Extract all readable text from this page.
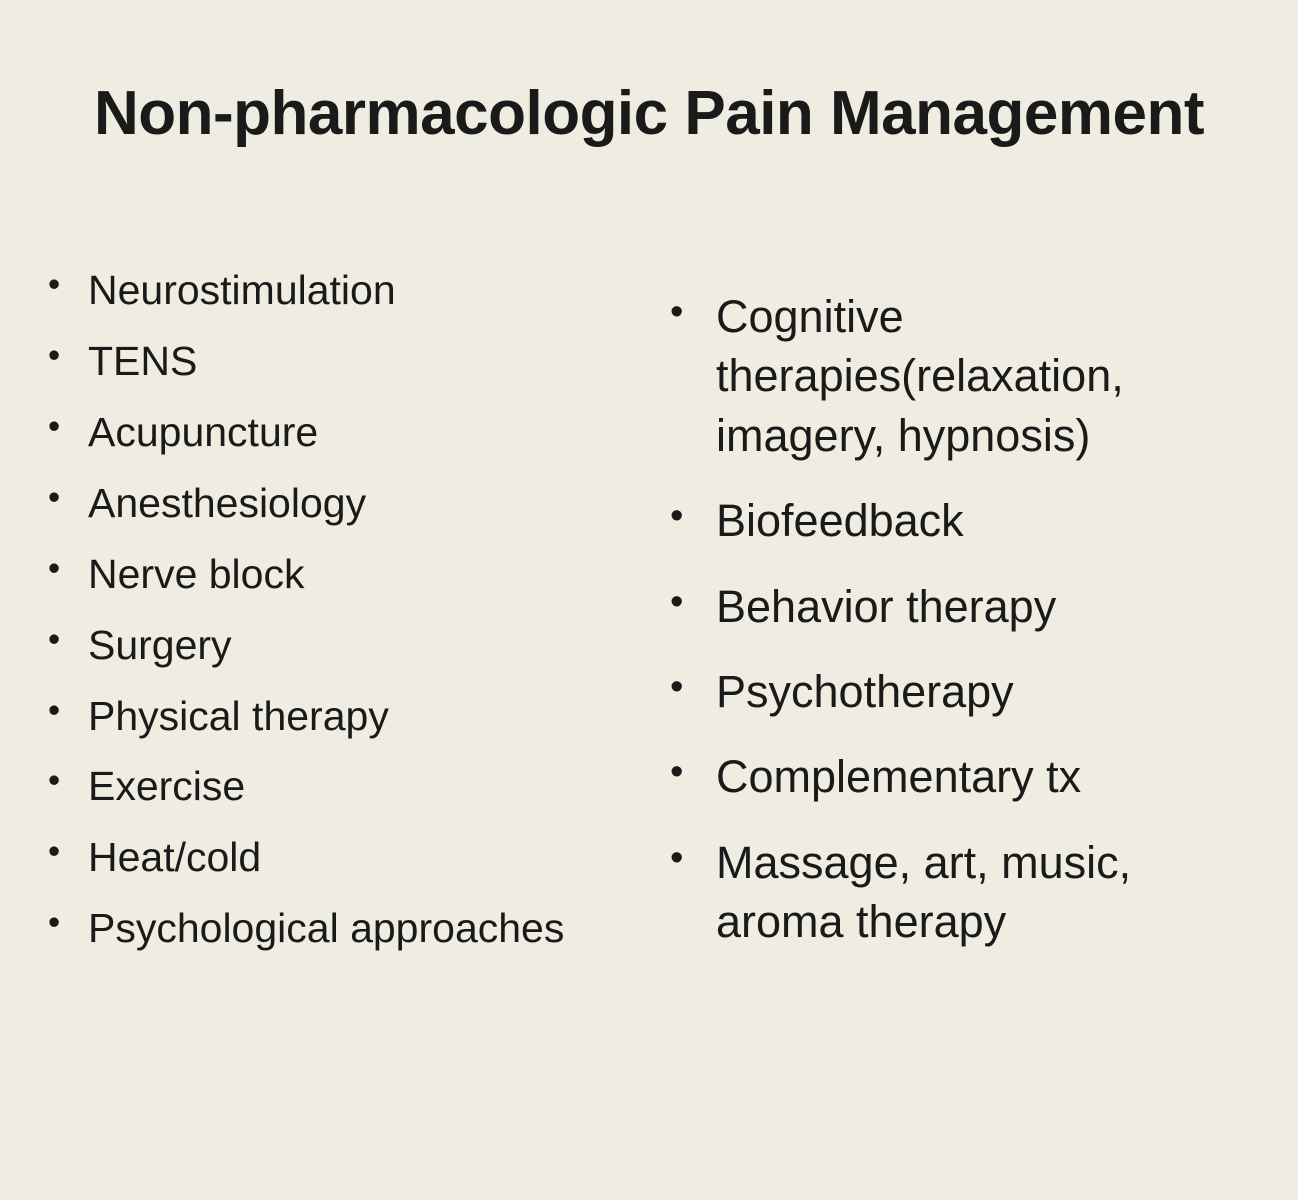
Non-pharmacologic Pain Management
• Neurostimulation
• TENS
• Acupuncture
• Anesthesiology
• Nerve block
• Surgery
• Physical therapy
• Exercise
• Heat/cold
• Psychological approaches
• Cognitive therapies(relaxation, imagery, hypnosis)
• Biofeedback
• Behavior therapy
• Psychotherapy
• Complementary tx
• Massage, art, music, aroma therapy
